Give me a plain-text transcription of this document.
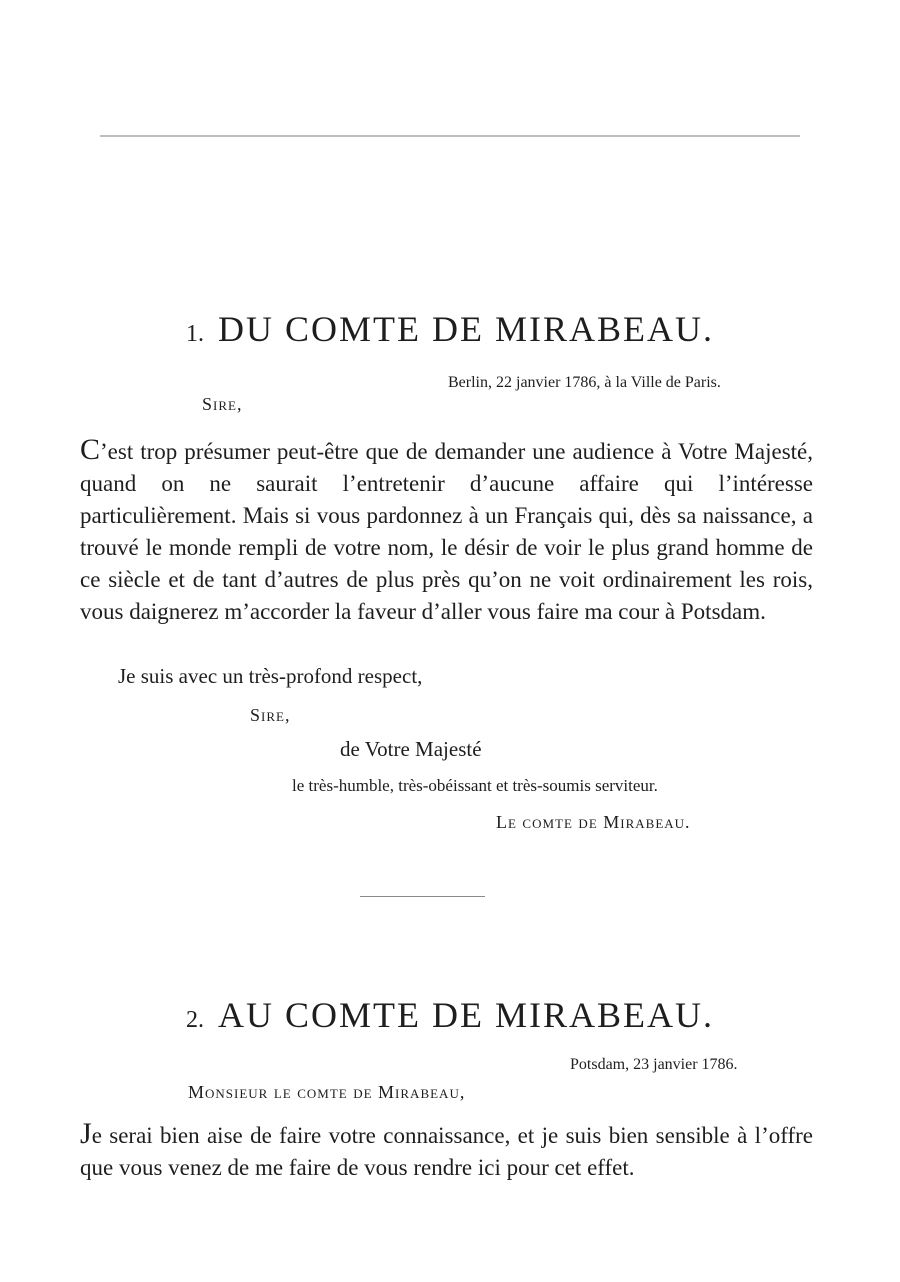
1. DU COMTE DE MIRABEAU.
Berlin, 22 janvier 1786, à la Ville de Paris.
Sire,

C’est trop présumer peut-être que de demander une audience à Votre Majesté, quand on ne saurait l’entretenir d’aucune affaire qui l’intéresse particulièrement. Mais si vous pardonnez à un Français qui, dès sa naissance, a trouvé le monde rempli de votre nom, le désir de voir le plus grand homme de ce siècle et de tant d’autres de plus près qu’on ne voit ordinairement les rois, vous daignerez m’accorder la faveur d’aller vous faire ma cour à Potsdam.

Je suis avec un très-profond respect,
Sire,
de Votre Majesté
le très-humble, très-obéissant et très-soumis serviteur.
Le comte de Mirabeau.
2. AU COMTE DE MIRABEAU.
Potsdam, 23 janvier 1786.
Monsieur le comte de Mirabeau,

Je serai bien aise de faire votre connaissance, et je suis bien sensible à l’offre que vous venez de me faire de vous rendre ici pour cet effet.
